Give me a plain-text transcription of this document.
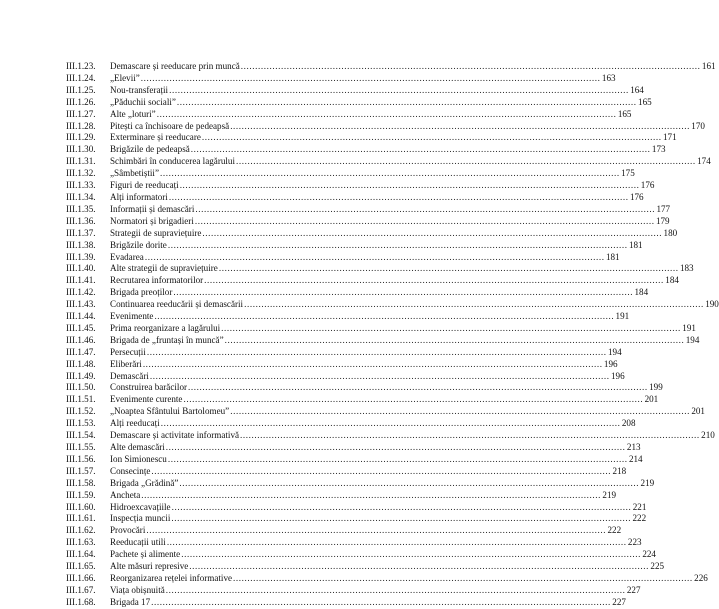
III.1.23.	Demascare și reeducare prin muncă ................................................................................................................................................................ 161
III.1.24.	„Elevii” ................................................................................................................................................................ 163
III.1.25.	Nou-transferații ................................................................................................................................................................ 164
III.1.26.	„Păduchii sociali” ................................................................................................................................................................ 165
III.1.27.	Alte „loturi” ................................................................................................................................................................ 165
III.1.28.	Pitești ca închisoare de pedeapsă ................................................................................................................................................................ 170
III.1.29.	Exterminare și reeducare ................................................................................................................................................................ 171
III.1.30.	Brigăzile de pedeapsă ................................................................................................................................................................ 173
III.1.31.	Schimbări în conducerea lagărului ................................................................................................................................................................ 174
III.1.32.	„Sâmbetiștii” ................................................................................................................................................................ 175
III.1.33.	Figuri de reeducați ................................................................................................................................................................ 176
III.1.34.	Alți informatori ................................................................................................................................................................ 176
III.1.35.	Informații și demascări ................................................................................................................................................................ 177
III.1.36.	Normatori și brigadieri ................................................................................................................................................................ 179
III.1.37.	Strategii de supraviețuire ................................................................................................................................................................ 180
III.1.38.	Brigăzile dorite ................................................................................................................................................................ 181
III.1.39.	Evadarea ................................................................................................................................................................ 181
III.1.40.	Alte strategii de supraviețuire ................................................................................................................................................................ 183
III.1.41.	Recrutarea informatorilor ................................................................................................................................................................ 184
III.1.42.	Brigada preoților ................................................................................................................................................................ 184
III.1.43.	Continuarea reeducării și demascării ................................................................................................................................................................ 190
III.1.44.	Evenimente ................................................................................................................................................................ 191
III.1.45.	Prima reorganizare a lagărului ................................................................................................................................................................ 191
III.1.46.	Brigada de „fruntași în muncă” ................................................................................................................................................................ 194
III.1.47.	Persecuții ................................................................................................................................................................ 194
III.1.48.	Eliberări ................................................................................................................................................................ 196
III.1.49.	Demascări ................................................................................................................................................................ 196
III.1.50.	Construirea barăcilor ................................................................................................................................................................ 199
III.1.51.	Evenimente curente ................................................................................................................................................................ 201
III.1.52.	„Noaptea Sfântului Bartolomeu” ................................................................................................................................................................ 201
III.1.53.	Alți reeducați ................................................................................................................................................................ 208
III.1.54.	Demascare și activitate informativă ................................................................................................................................................................ 210
III.1.55.	Alte demascări ................................................................................................................................................................ 213
III.1.56.	Ion Simionescu ................................................................................................................................................................ 214
III.1.57.	Consecințe ................................................................................................................................................................ 218
III.1.58.	Brigada „Grădină” ................................................................................................................................................................ 219
III.1.59.	Ancheta ................................................................................................................................................................ 219
III.1.60.	Hidroexcavațiile ................................................................................................................................................................ 221
III.1.61.	Inspecția muncii ................................................................................................................................................................ 222
III.1.62.	Provocări ................................................................................................................................................................ 222
III.1.63.	Reeducații utili ................................................................................................................................................................ 223
III.1.64.	Pachete și alimente ................................................................................................................................................................ 224
III.1.65.	Alte măsuri represive ................................................................................................................................................................ 225
III.1.66.	Reorganizarea rețelei informative ................................................................................................................................................................ 226
III.1.67.	Viața obișnuită ................................................................................................................................................................ 227
III.1.68.	Brigada 17 ................................................................................................................................................................ 227
